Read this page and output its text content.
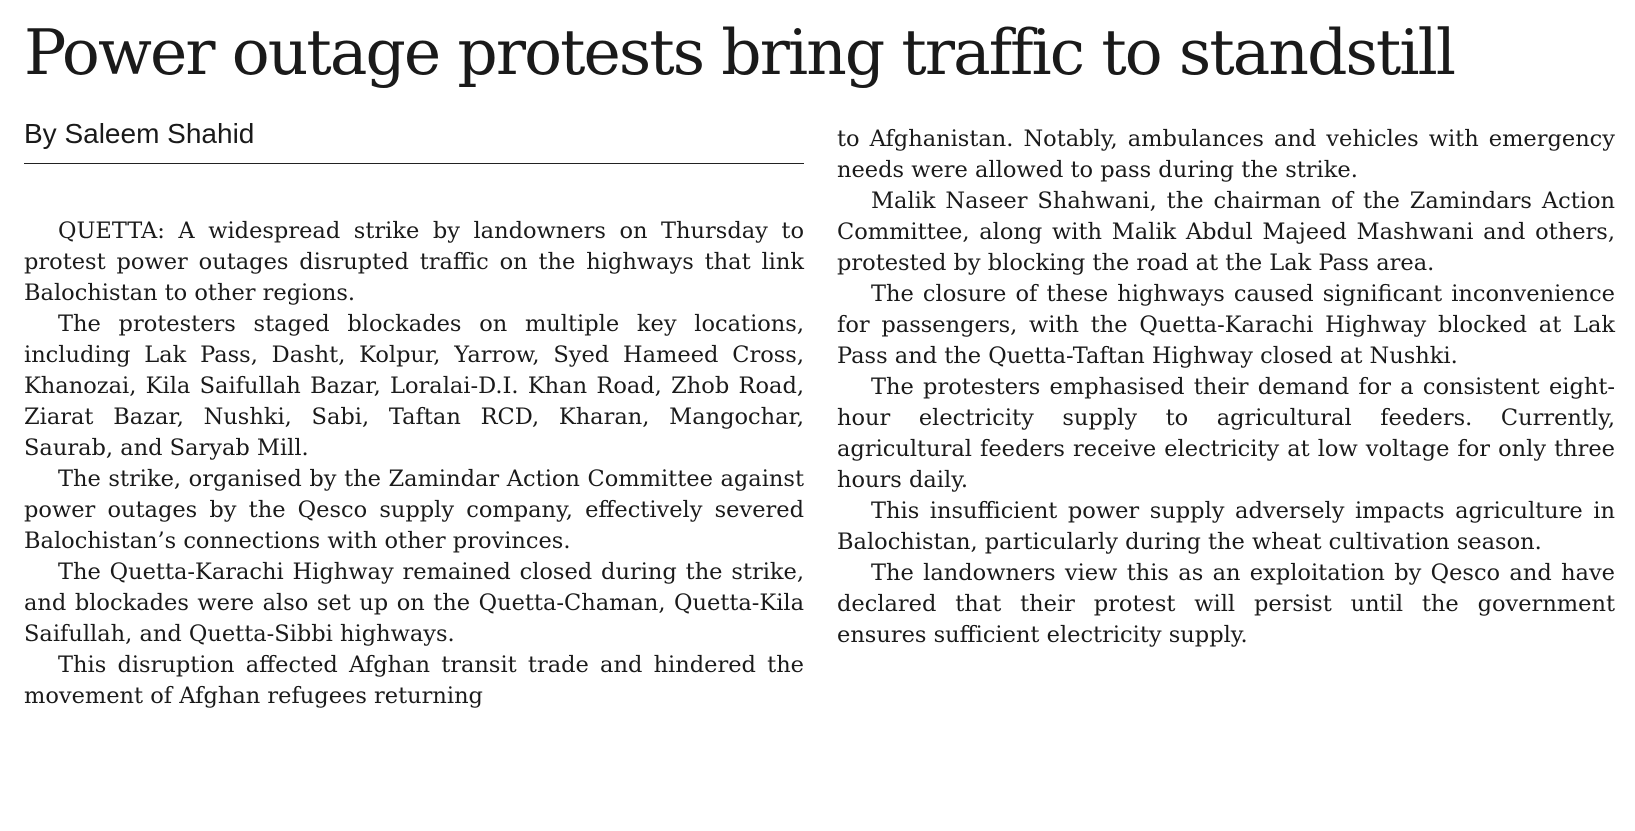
Power outage protests bring traffic to standstill
By Saleem Shahid

QUETTA: A widespread strike by landowners on Thursday to protest power outages disrupted traffic on the highways that link Balochistan to other regions.

The protesters staged blockades on multiple key locations, including Lak Pass, Dasht, Kolpur, Yarrow, Syed Hameed Cross, Khanozai, Kila Saifullah Bazar, Loralai-D.I. Khan Road, Zhob Road, Ziarat Bazar, Nushki, Sabi, Taftan RCD, Kharan, Mangochar, Saurab, and Saryab Mill.

The strike, organised by the Zamindar Action Committee against power outages by the Qesco supply company, effectively severed Balochistan’s connections with other provinces.

The Quetta-Karachi Highway remained closed during the strike, and blockades were also set up on the Quetta-Chaman, Quetta-Kila Saifullah, and Quetta-Sibbi highways.

This disruption affected Afghan transit trade and hindered the movement of Afghan refugees returning

to Afghanistan. Notably, ambulances and vehicles with emergency needs were allowed to pass during the strike.

Malik Naseer Shahwani, the chairman of the Zamindars Action Committee, along with Malik Abdul Majeed Mashwani and others, protested by blocking the road at the Lak Pass area.

The closure of these highways caused significant inconvenience for passengers, with the Quetta-Karachi Highway blocked at Lak Pass and the Quetta-Taftan Highway closed at Nushki.

The protesters emphasised their demand for a consistent eight-hour electricity supply to agricultural feeders. Currently, agricultural feeders receive electricity at low voltage for only three hours daily.

This insufficient power supply adversely impacts agriculture in Balochistan, particularly during the wheat cultivation season.

The landowners view this as an exploitation by Qesco and have declared that their protest will persist until the government ensures sufficient electricity supply.
